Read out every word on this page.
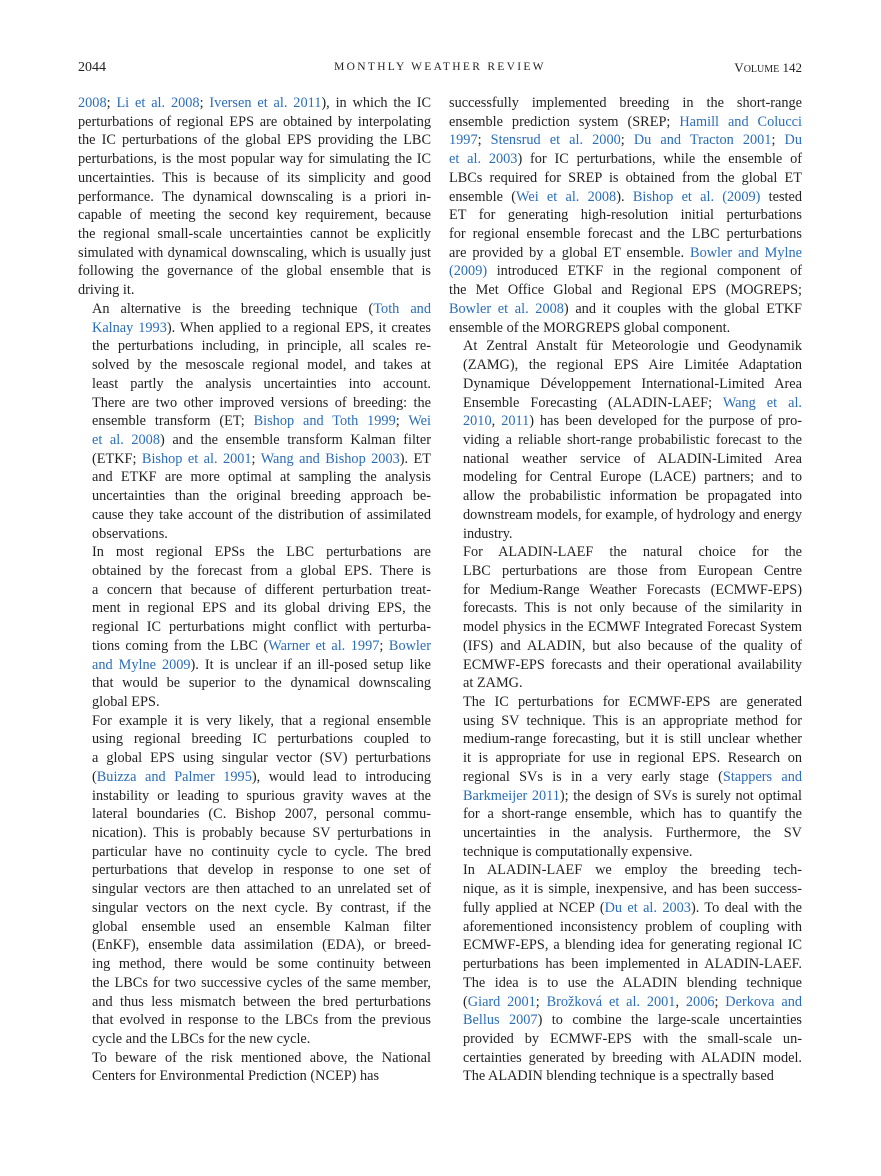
2044	MONTHLY WEATHER REVIEW	VOLUME 142

2008; Li et al. 2008; Iversen et al. 2011), in which the IC
perturbations of regional EPS are obtained by interpolating
the IC perturbations of the global EPS providing the LBC
perturbations, is the most popular way for simulating the IC
uncertainties. This is because of its simplicity and good
performance. The dynamical downscaling is a priori in-
capable of meeting the second key requirement, because
the regional small-scale uncertainties cannot be explicitly
simulated with dynamical downscaling, which is usually just
following the governance of the global ensemble that is
driving it.

An alternative is the breeding technique (Toth and
Kalnay 1993). When applied to a regional EPS, it creates
the perturbations including, in principle, all scales re-
solved by the mesoscale regional model, and takes at
least partly the analysis uncertainties into account.
There are two other improved versions of breeding: the
ensemble transform (ET; Bishop and Toth 1999; Wei
et al. 2008) and the ensemble transform Kalman filter
(ETKF; Bishop et al. 2001; Wang and Bishop 2003). ET
and ETKF are more optimal at sampling the analysis
uncertainties than the original breeding approach be-
cause they take account of the distribution of assimilated
observations.

In most regional EPSs the LBC perturbations are
obtained by the forecast from a global EPS. There is
a concern that because of different perturbation treat-
ment in regional EPS and its global driving EPS, the
regional IC perturbations might conflict with perturba-
tions coming from the LBC (Warner et al. 1997; Bowler
and Mylne 2009). It is unclear if an ill-posed setup like
that would be superior to the dynamical downscaling
global EPS.

For example it is very likely, that a regional ensemble
using regional breeding IC perturbations coupled to
a global EPS using singular vector (SV) perturbations
(Buizza and Palmer 1995), would lead to introducing
instability or leading to spurious gravity waves at the
lateral boundaries (C. Bishop 2007, personal commu-
nication). This is probably because SV perturbations in
particular have no continuity cycle to cycle. The bred
perturbations that develop in response to one set of
singular vectors are then attached to an unrelated set of
singular vectors on the next cycle. By contrast, if the
global ensemble used an ensemble Kalman filter
(EnKF), ensemble data assimilation (EDA), or breed-
ing method, there would be some continuity between
the LBCs for two successive cycles of the same member,
and thus less mismatch between the bred perturbations
that evolved in response to the LBCs from the previous
cycle and the LBCs for the new cycle.

To beware of the risk mentioned above, the National
Centers for Environmental Prediction (NCEP) has

successfully implemented breeding in the short-range
ensemble prediction system (SREP; Hamill and Colucci
1997; Stensrud et al. 2000; Du and Tracton 2001; Du
et al. 2003) for IC perturbations, while the ensemble of
LBCs required for SREP is obtained from the global ET
ensemble (Wei et al. 2008). Bishop et al. (2009) tested
ET for generating high-resolution initial perturbations
for regional ensemble forecast and the LBC perturbations
are provided by a global ET ensemble. Bowler and Mylne
(2009) introduced ETKF in the regional component of
the Met Office Global and Regional EPS (MOGREPS;
Bowler et al. 2008) and it couples with the global ETKF
ensemble of the MORGREPS global component.

At Zentral Anstalt für Meteorologie und Geodynamik
(ZAMG), the regional EPS Aire Limitée Adaptation
Dynamique Développement International-Limited Area
Ensemble Forecasting (ALADIN-LAEF; Wang et al.
2010, 2011) has been developed for the purpose of pro-
viding a reliable short-range probabilistic forecast to the
national weather service of ALADIN-Limited Area
modeling for Central Europe (LACE) partners; and to
allow the probabilistic information be propagated into
downstream models, for example, of hydrology and energy
industry.

For ALADIN-LAEF the natural choice for the
LBC perturbations are those from European Centre
for Medium-Range Weather Forecasts (ECMWF-EPS)
forecasts. This is not only because of the similarity in
model physics in the ECMWF Integrated Forecast System
(IFS) and ALADIN, but also because of the quality of
ECMWF-EPS forecasts and their operational availability
at ZAMG.

The IC perturbations for ECMWF-EPS are generated
using SV technique. This is an appropriate method for
medium-range forecasting, but it is still unclear whether
it is appropriate for use in regional EPS. Research on
regional SVs is in a very early stage (Stappers and
Barkmeijer 2011); the design of SVs is surely not optimal
for a short-range ensemble, which has to quantify the
uncertainties in the analysis. Furthermore, the SV
technique is computationally expensive.

In ALADIN-LAEF we employ the breeding tech-
nique, as it is simple, inexpensive, and has been success-
fully applied at NCEP (Du et al. 2003). To deal with the
aforementioned inconsistency problem of coupling with
ECMWF-EPS, a blending idea for generating regional IC
perturbations has been implemented in ALADIN-LAEF.
The idea is to use the ALADIN blending technique
(Giard 2001; Brožková et al. 2001, 2006; Derkova and
Bellus 2007) to combine the large-scale uncertainties
provided by ECMWF-EPS with the small-scale un-
certainties generated by breeding with ALADIN model.
The ALADIN blending technique is a spectrally based
